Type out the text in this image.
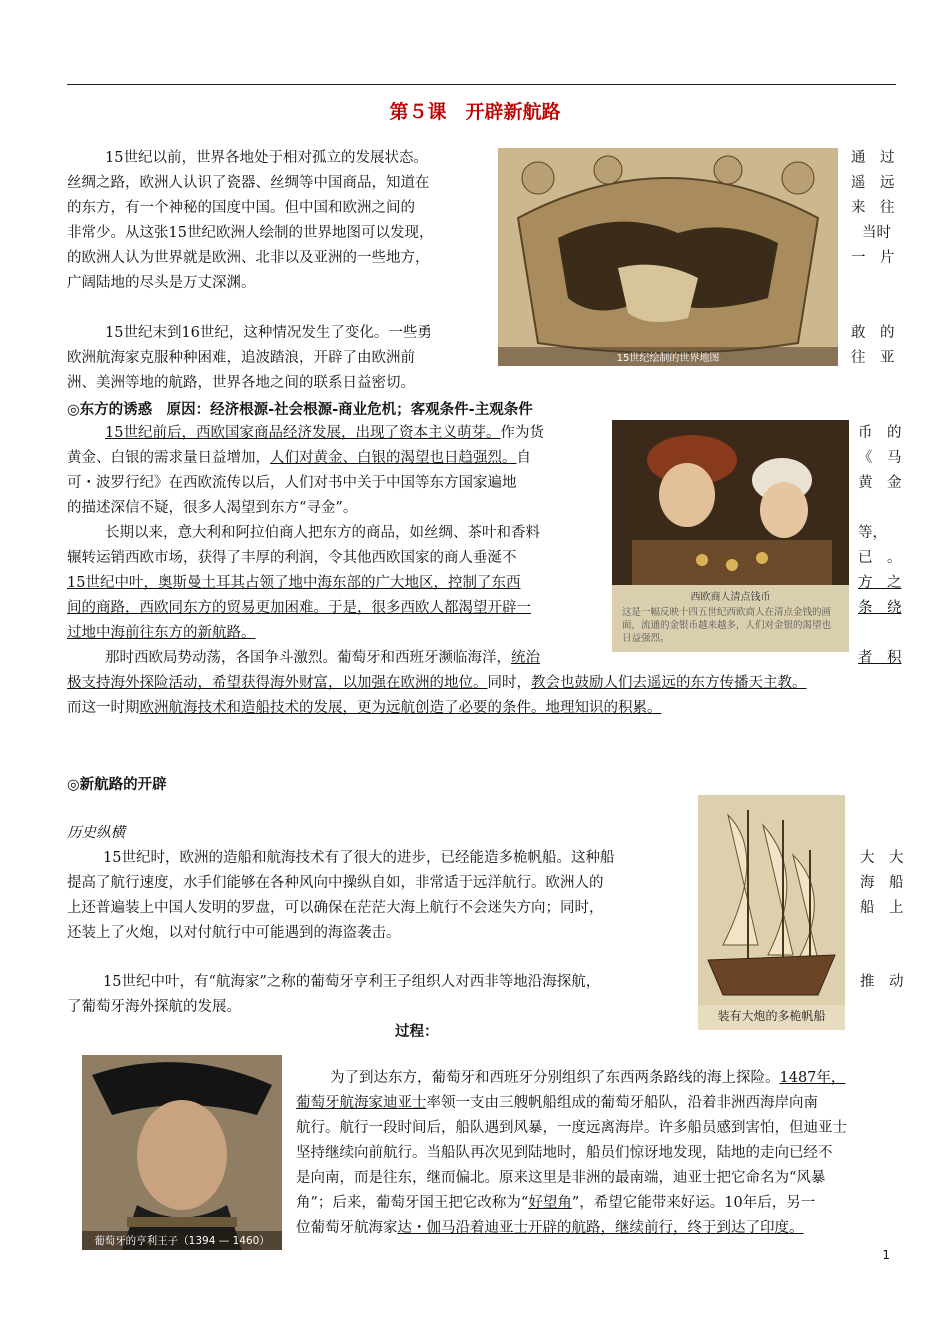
第５课　开辟新航路
15世纪以前，世界各地处于相对孤立的发展状态。	通　过
丝绸之路，欧洲人认识了瓷器、丝绸等中国商品，知道在	遥　远
的东方，有一个神秘的国度中国。但中国和欧洲之间的	来　往
非常少。从这张15世纪欧洲人绘制的世界地图可以发现，	当时
的欧洲人认为世界就是欧洲、北非以及亚洲的一些地方，	一　片
广阔陆地的尽头是万丈深渊。
15世纪绘制的世界地图
15世纪末到16世纪，这种情况发生了变化。一些勇	敢　的
欧洲航海家克服种种困难，追波踏浪，开辟了由欧洲前	往　亚
洲、美洲等地的航路，世界各地之间的联系日益密切。
◎东方的诱惑　原因：经济根源-社会根源-商业危机；客观条件-主观条件
15世纪前后，西欧国家商品经济发展，出现了资本主义萌芽。作为货	币　的
黄金、白银的需求量日益增加，人们对黄金、白银的渴望也日趋强烈。自	《　马
可・波罗行纪》在西欧流传以后，人们对书中关于中国等东方国家遍地	黄　金
的描述深信不疑，很多人渴望到东方“寻金”。
西欧商人清点钱币
这是一幅反映十四五世纪西欧商人在清点金钱的画面，流通的金银币越来越多，人们对金银的渴望也日益强烈。
长期以来，意大利和阿拉伯商人把东方的商品，如丝绸、茶叶和香料	等，
辗转运销西欧市场，获得了丰厚的利润，令其他西欧国家的商人垂涎不	已　。
15世纪中叶，奥斯曼土耳其占领了地中海东部的广大地区，控制了东西	方　之
间的商路，西欧同东方的贸易更加困难。于是，很多西欧人都渴望开辟一	条　绕
过地中海前往东方的新航路。
那时西欧局势动荡，各国争斗激烈。葡萄牙和西班牙濒临海洋，统治	者　积
极支持海外探险活动，希望获得海外财富，以加强在欧洲的地位。同时，教会也鼓励人们去遥远的东方传播天主教。
而这一时期欧洲航海技术和造船技术的发展，更为远航创造了必要的条件。地理知识的积累。
◎新航路的开辟
历史纵横
15世纪时，欧洲的造船和航海技术有了很大的进步，已经能造多桅帆船。这种船	大　大
提高了航行速度，水手们能够在各种风向中操纵自如，非常适于远洋航行。欧洲人的	海　船
上还普遍装上中国人发明的罗盘，可以确保在茫茫大海上航行不会迷失方向；同时，	船　上
还装上了火炮，以对付航行中可能遇到的海盗袭击。
装有大炮的多桅帆船
15世纪中叶，有“航海家”之称的葡萄牙亨利王子组织人对西非等地沿海探航，	推　动
了葡萄牙海外探航的发展。
过程：
葡萄牙的亨利王子（1394 — 1460）
为了到达东方，葡萄牙和西班牙分别组织了东西两条路线的海上探险。1487年，
葡萄牙航海家迪亚士率领一支由三艘帆船组成的葡萄牙船队，沿着非洲西海岸向南
航行。航行一段时间后，船队遇到风暴，一度远离海岸。许多船员感到害怕，但迪亚士
坚持继续向前航行。当船队再次见到陆地时，船员们惊讶地发现，陆地的走向已经不
是向南，而是往东，继而偏北。原来这里是非洲的最南端，迪亚士把它命名为“风暴
角”；后来，葡萄牙国王把它改称为“好望角”，希望它能带来好运。10年后，另一
位葡萄牙航海家达・伽马沿着迪亚士开辟的航路，继续前行，终于到达了印度。
1
